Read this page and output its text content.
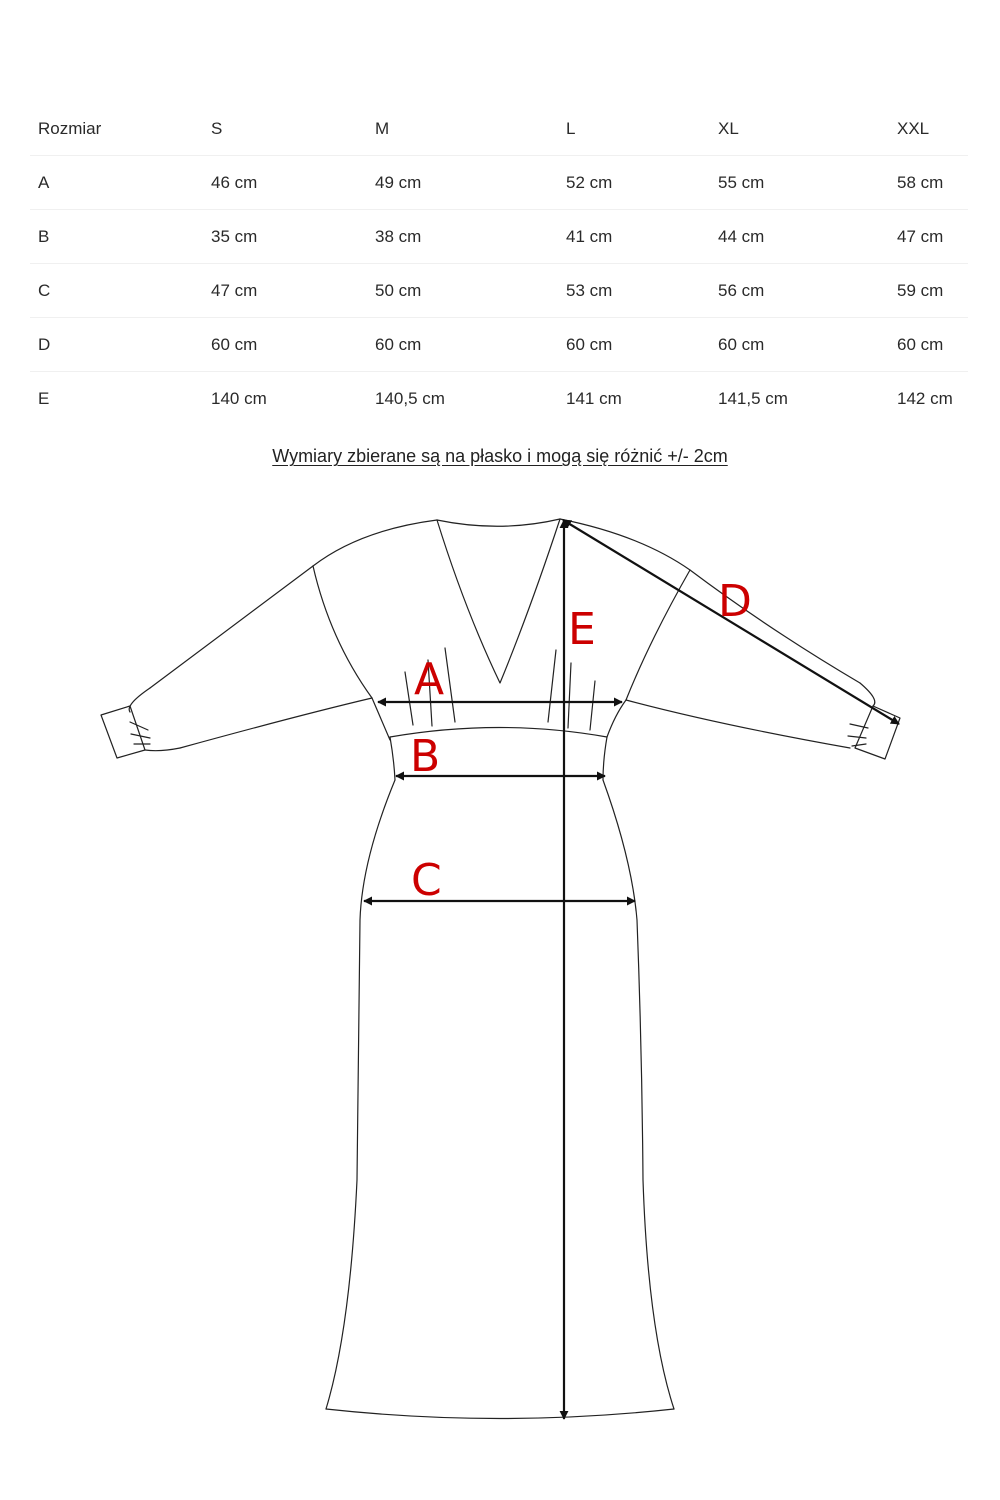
Rozmiar	S	M	L	XL	XXL
A	46 cm	49 cm	52 cm	55 cm	58 cm
B	35 cm	38 cm	41 cm	44 cm	47 cm
C	47 cm	50 cm	53 cm	56 cm	59 cm
D	60 cm	60 cm	60 cm	60 cm	60 cm
E	140 cm	140,5 cm	141 cm	141,5 cm	142 cm
Wymiary zbierane są na płasko i mogą się różnić +/- 2cm
A
B
C
D
E
